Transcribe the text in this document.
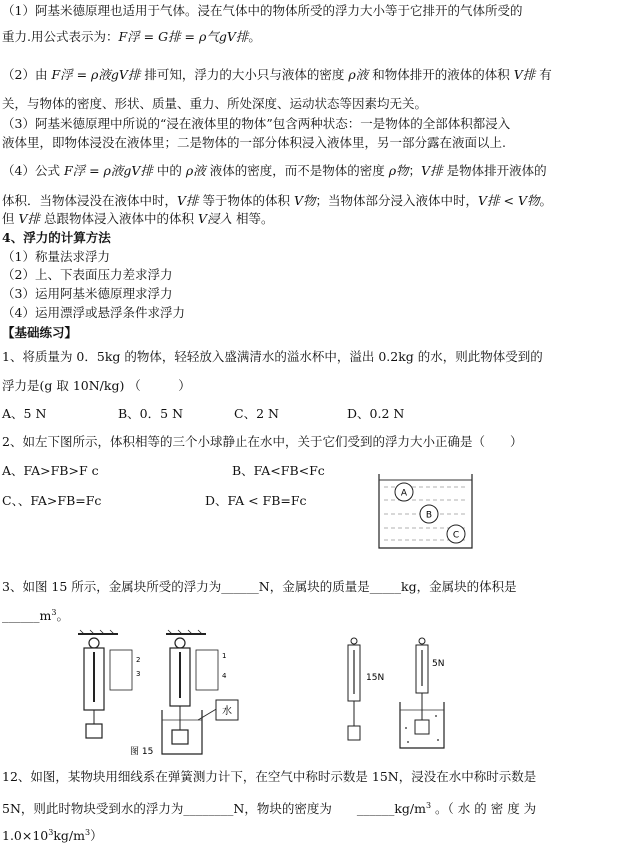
（1）阿基米德原理也适用于气体。浸在气体中的物体所受的浮力大小等于它排开的气体所受的
重力.用公式表示为：F浮 = G排 = ρ气gV排。
（2）由 F浮 = ρ液gV排 排可知，浮力的大小只与液体的密度 ρ液 和物体排开的液体的体积 V排 有
关，与物体的密度、形状、质量、重力、所处深度、运动状态等因素均无关。
（3）阿基米德原理中所说的“浸在液体里的物体”包含两种状态：一是物体的全部体积都浸入
液体里，即物体浸没在液体里；二是物体的一部分体积浸入液体里，另一部分露在液面以上.
（4）公式 F浮 = ρ液gV排 中的 ρ液 液体的密度，而不是物体的密度 ρ物；V排 是物体排开液体的
体积．当物体浸没在液体中时，V排 等于物体的体积 V物；当物体部分浸入液体中时，V排 < V物。
但 V排 总跟物体浸入液体中的体积 V浸入 相等。
4、浮力的计算方法
（1）称量法求浮力
（2）上、下表面压力差求浮力
（3）运用阿基米德原理求浮力
（4）运用漂浮或悬浮条件求浮力
【基础练习】
1、将质量为 0．5kg 的物体，轻轻放入盛满清水的溢水杯中，溢出 0.2kg 的水，则此物体受到的
浮力是(g 取 10N/kg) （　　　）
A、5 N	B、0．5 N	C、2 N	D、0.2 N
2、如左下图所示，体积相等的三个小球静止在水中，关于它们受到的浮力大小正确是（　　）
A、FA>FB>F c	B、FA<FB<Fc
C、、FA>FB=Fc	D、FA < FB=Fc	A
B
C
3、如图 15 所示，金属块所受的浮力为______N，金属块的质量是_____kg，金属块的体积是
$\_\_\_\_\_\_m^3$。
2
3
1
4
水
图 15
15N
5N
12、如图，某物块用细线系在弹簧测力计下，在空气中称时示数是 15N，浸没在水中称时示数是
5N，则此时物块受到水的浮力为________N，物块的密度为　　$\_\_\_\_\_\_kg/m^3$ 。（ 水 的 密 度 为
$1.0\times 10^3kg/m^3$）
